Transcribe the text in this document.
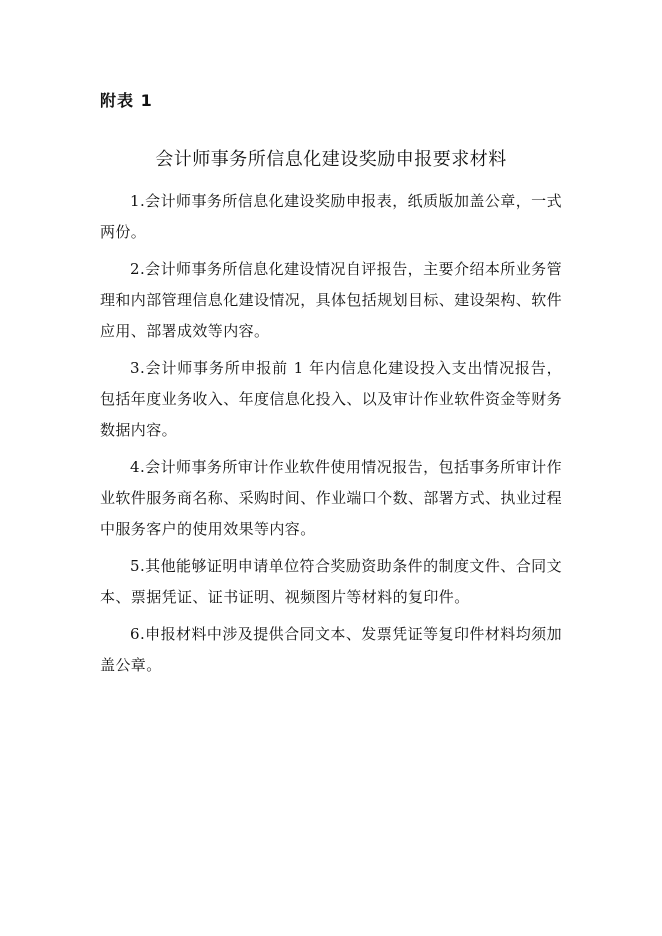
附表 1
会计师事务所信息化建设奖励申报要求材料

1.会计师事务所信息化建设奖励申报表，纸质版加盖公章，一式两份。

2.会计师事务所信息化建设情况自评报告，主要介绍本所业务管理和内部管理信息化建设情况，具体包括规划目标、建设架构、软件应用、部署成效等内容。

3.会计师事务所申报前 1 年内信息化建设投入支出情况报告，包括年度业务收入、年度信息化投入、以及审计作业软件资金等财务数据内容。

4.会计师事务所审计作业软件使用情况报告，包括事务所审计作业软件服务商名称、采购时间、作业端口个数、部署方式、执业过程中服务客户的使用效果等内容。

5.其他能够证明申请单位符合奖励资助条件的制度文件、合同文本、票据凭证、证书证明、视频图片等材料的复印件。

6.申报材料中涉及提供合同文本、发票凭证等复印件材料均须加盖公章。
